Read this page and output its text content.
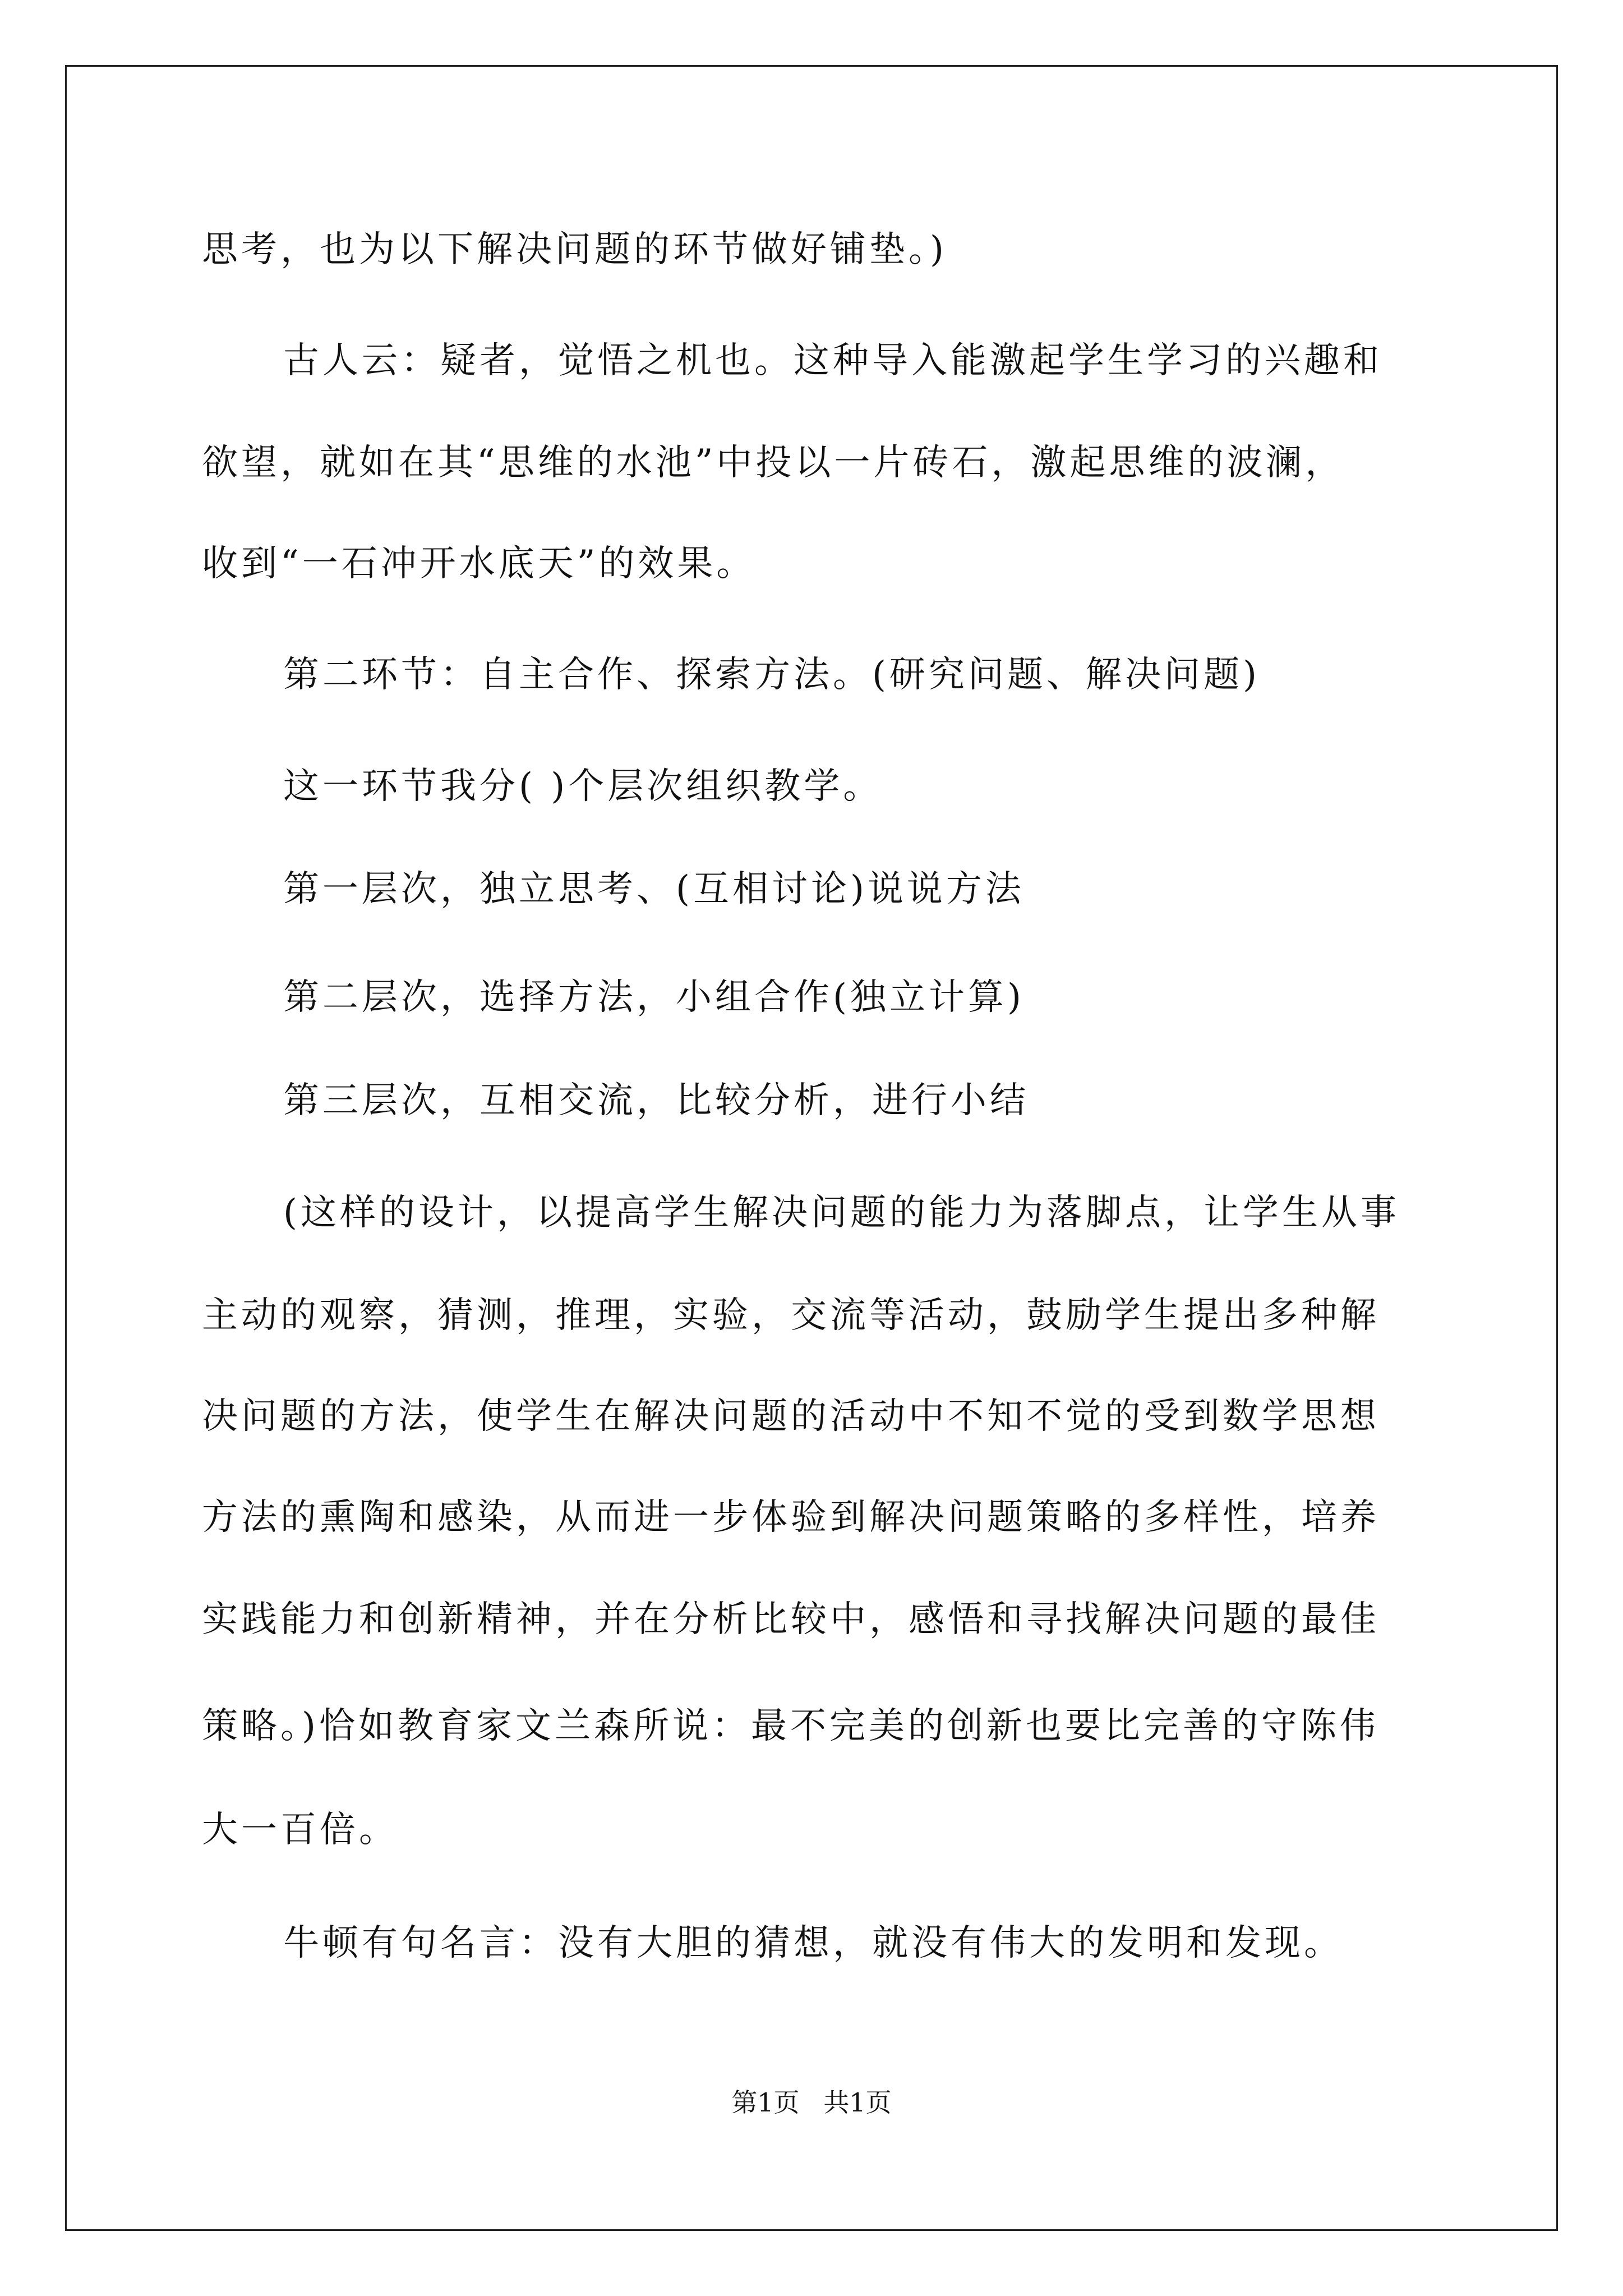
思考，也为以下解决问题的环节做好铺垫。)
古人云：疑者，觉悟之机也。这种导入能激起学生学习的兴趣和
欲望，就如在其“思维的水池”中投以一片砖石，激起思维的波澜，
收到“一石冲开水底天”的效果。
第二环节：自主合作、探索方法。(研究问题、解决问题)
这一环节我分( )个层次组织教学。
第一层次，独立思考、(互相讨论)说说方法
第二层次，选择方法，小组合作(独立计算)
第三层次，互相交流，比较分析，进行小结
(这样的设计，以提高学生解决问题的能力为落脚点，让学生从事
主动的观察，猜测，推理，实验，交流等活动，鼓励学生提出多种解
决问题的方法，使学生在解决问题的活动中不知不觉的受到数学思想
方法的熏陶和感染，从而进一步体验到解决问题策略的多样性，培养
实践能力和创新精神，并在分析比较中，感悟和寻找解决问题的最佳
策略。)恰如教育家文兰森所说：最不完美的创新也要比完善的守陈伟
大一百倍。
牛顿有句名言：没有大胆的猜想，就没有伟大的发明和发现。
第1页 共1页
